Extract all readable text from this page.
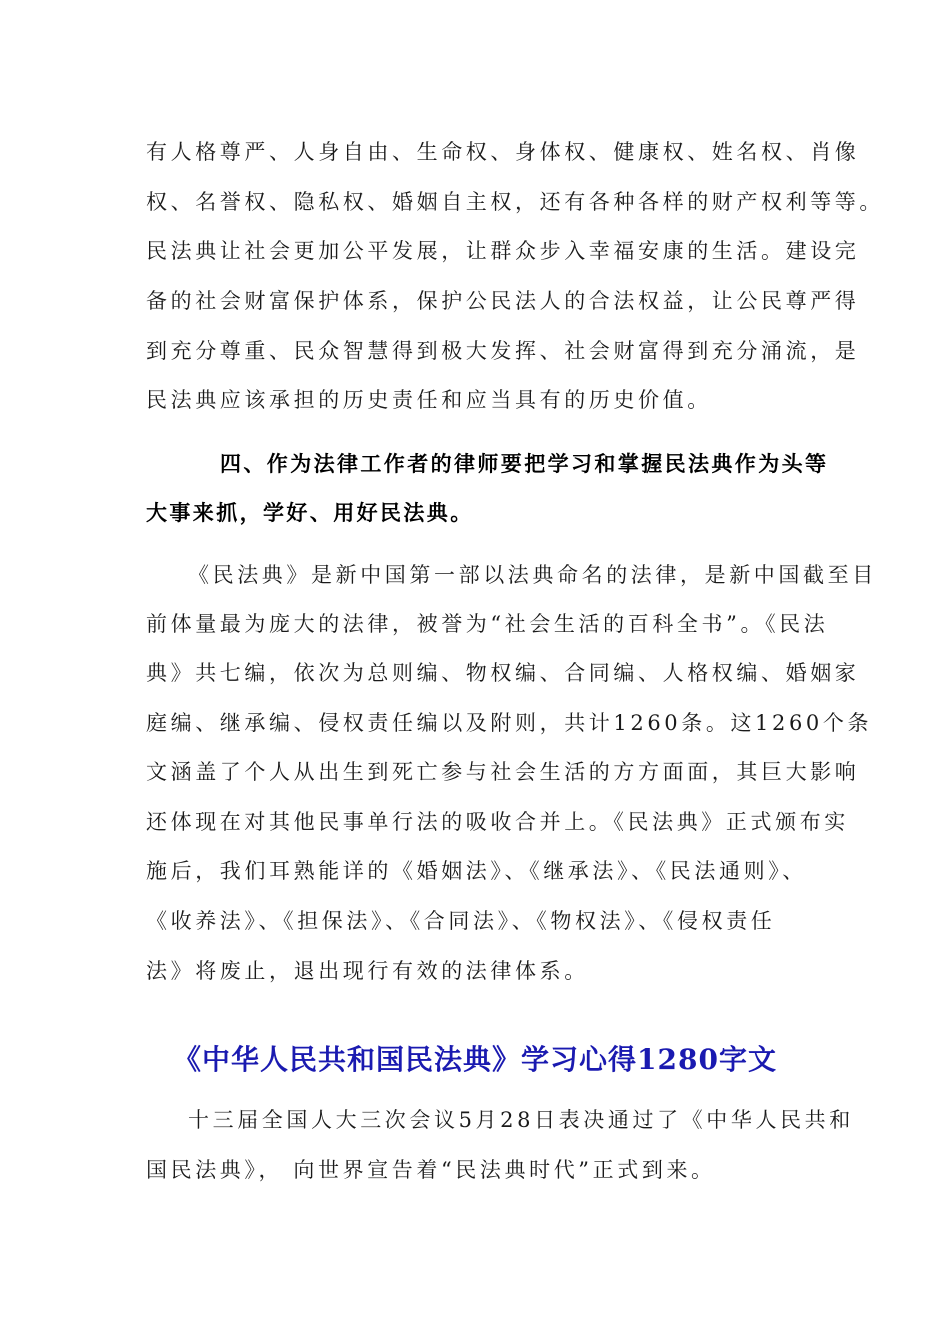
有人格尊严、人身自由、生命权、身体权、健康权、姓名权、肖像
权、名誉权、隐私权、婚姻自主权，还有各种各样的财产权利等等。
民法典让社会更加公平发展，让群众步入幸福安康的生活。建设完
备的社会财富保护体系，保护公民法人的合法权益，让公民尊严得
到充分尊重、民众智慧得到极大发挥、社会财富得到充分涌流，是
民法典应该承担的历史责任和应当具有的历史价值。
四、作为法律工作者的律师要把学习和掌握民法典作为头等
大事来抓，学好、用好民法典。
《民法典》是新中国第一部以法典命名的法律，是新中国截至目
前体量最为庞大的法律，被誉为“社会生活的百科全书”。《民法
典》共七编，依次为总则编、物权编、合同编、人格权编、婚姻家
庭编、继承编、侵权责任编以及附则，共计1260条。这1260个条
文涵盖了个人从出生到死亡参与社会生活的方方面面，其巨大影响
还体现在对其他民事单行法的吸收合并上。《民法典》正式颁布实
施后，我们耳熟能详的《婚姻法》、《继承法》、《民法通则》、
《收养法》、《担保法》、《合同法》、《物权法》、《侵权责任
法》将废止，退出现行有效的法律体系。
《中华人民共和国民法典》学习心得1280字文
十三届全国人大三次会议5月28日表决通过了《中华人民共和
国民法典》， 向世界宣告着“民法典时代”正式到来。
